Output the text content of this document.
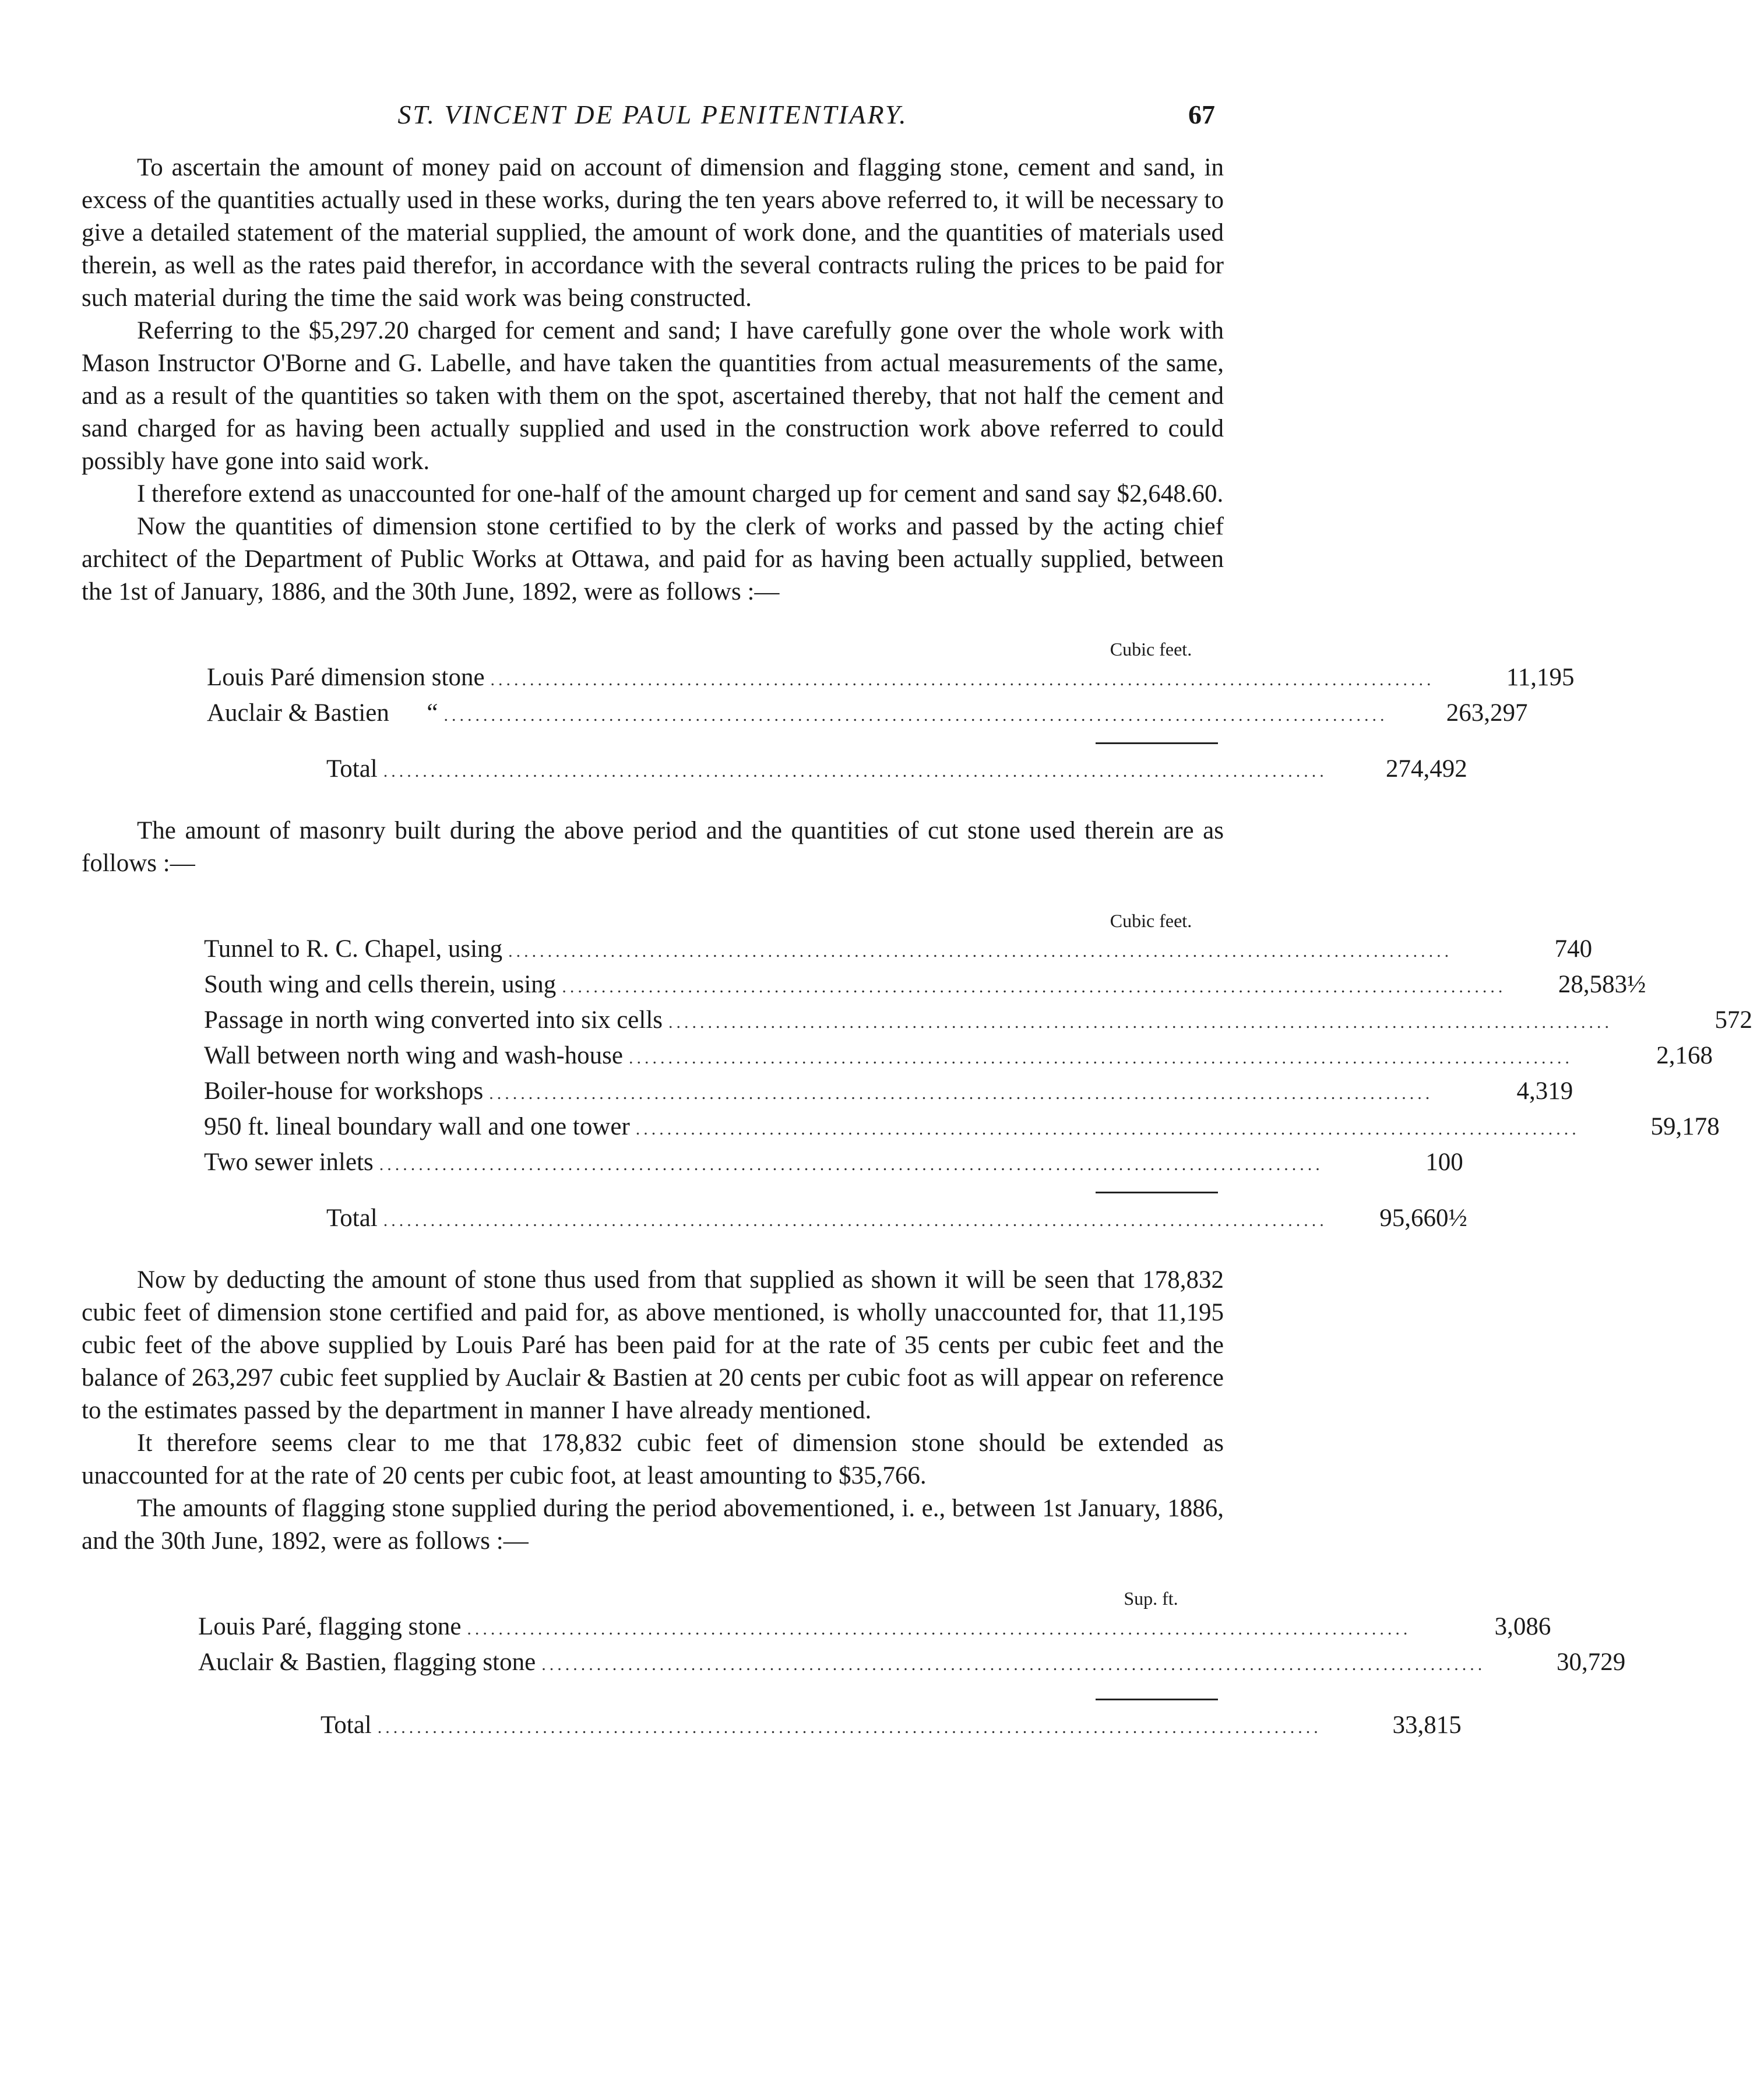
ST. VINCENT DE PAUL PENITENTIARY.	67

To ascertain the amount of money paid on account of dimension and flagging stone, cement and sand, in excess of the quantities actually used in these works, during the ten years above referred to, it will be necessary to give a detailed statement of the material supplied, the amount of work done, and the quantities of materials used therein, as well as the rates paid therefor, in accordance with the several contracts ruling the prices to be paid for such material during the time the said work was being constructed.

Referring to the $5,297.20 charged for cement and sand; I have carefully gone over the whole work with Mason Instructor O'Borne and G. Labelle, and have taken the quantities from actual measurements of the same, and as a result of the quantities so taken with them on the spot, ascertained thereby, that not half the cement and sand charged for as having been actually supplied and used in the construction work above referred to could possibly have gone into said work.

I therefore extend as unaccounted for one-half of the amount charged up for cement and sand say $2,648.60.

Now the quantities of dimension stone certified to by the clerk of works and passed by the acting chief architect of the Department of Public Works at Ottawa, and paid for as having been actually supplied, between the 1st of January, 1886, and the 30th June, 1892, were as follows :—

Cubic feet.
Louis Paré dimension stone ........................................................................................................................	11,195
Auclair & Bastien      “ ........................................................................................................................	263,297
Total ........................................................................................................................	274,492

The amount of masonry built during the above period and the quantities of cut stone used therein are as follows :—

Cubic feet.
Tunnel to R. C. Chapel, using ........................................................................................................................	740
South wing and cells therein, using ........................................................................................................................	28,583½
Passage in north wing converted into six cells ........................................................................................................................	572
Wall between north wing and wash-house ........................................................................................................................	2,168
Boiler-house for workshops ........................................................................................................................	4,319
950 ft. lineal boundary wall and one tower ........................................................................................................................	59,178
Two sewer inlets ........................................................................................................................	100
Total ........................................................................................................................	95,660½

Now by deducting the amount of stone thus used from that supplied as shown it will be seen that 178,832 cubic feet of dimension stone certified and paid for, as above mentioned, is wholly unaccounted for, that 11,195 cubic feet of the above supplied by Louis Paré has been paid for at the rate of 35 cents per cubic feet and the balance of 263,297 cubic feet supplied by Auclair & Bastien at 20 cents per cubic foot as will appear on reference to the estimates passed by the department in manner I have already mentioned.

It therefore seems clear to me that 178,832 cubic feet of dimension stone should be extended as unaccounted for at the rate of 20 cents per cubic foot, at least amounting to $35,766.

The amounts of flagging stone supplied during the period abovementioned, i. e., between 1st January, 1886, and the 30th June, 1892, were as follows :—

Sup. ft.
Louis Paré, flagging stone ........................................................................................................................	3,086
Auclair & Bastien, flagging stone ........................................................................................................................	30,729
Total ........................................................................................................................	33,815
